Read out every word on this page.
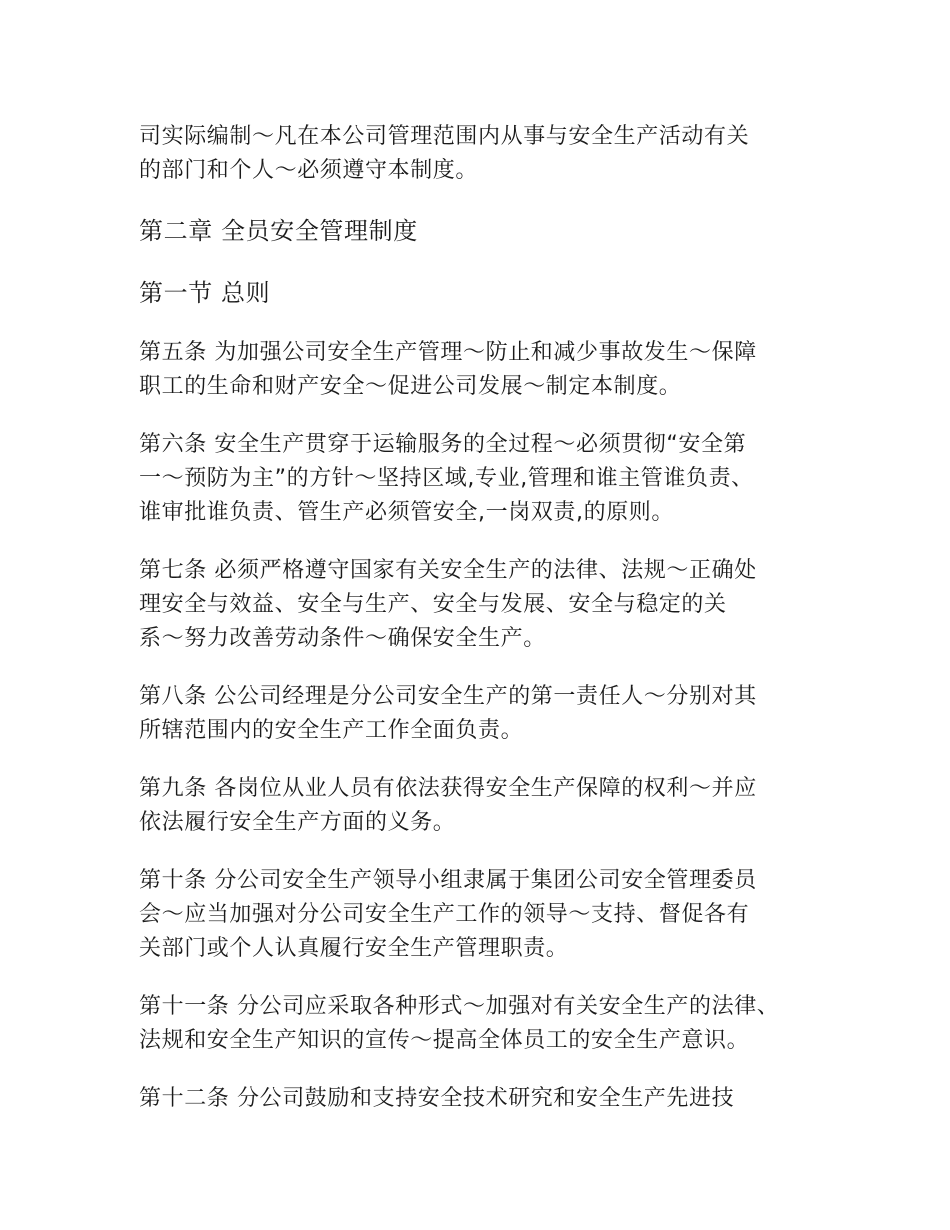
司实际编制～凡在本公司管理范围内从事与安全生产活动有关
的部门和个人～必须遵守本制度。

第二章 全员安全管理制度
第一节 总则

第五条 为加强公司安全生产管理～防止和减少事故发生～保障
职工的生命和财产安全～促进公司发展～制定本制度。

第六条 安全生产贯穿于运输服务的全过程～必须贯彻“安全第
一～预防为主”的方针～坚持区域,专业,管理和谁主管谁负责、
谁审批谁负责、管生产必须管安全,一岗双责,的原则。

第七条 必须严格遵守国家有关安全生产的法律、法规～正确处
理安全与效益、安全与生产、安全与发展、安全与稳定的关
系～努力改善劳动条件～确保安全生产。

第八条 公公司经理是分公司安全生产的第一责任人～分别对其
所辖范围内的安全生产工作全面负责。

第九条 各岗位从业人员有依法获得安全生产保障的权利～并应
依法履行安全生产方面的义务。

第十条 分公司安全生产领导小组隶属于集团公司安全管理委员
会～应当加强对分公司安全生产工作的领导～支持、督促各有
关部门或个人认真履行安全生产管理职责。

第十一条 分公司应采取各种形式～加强对有关安全生产的法律、
法规和安全生产知识的宣传～提高全体员工的安全生产意识。

第十二条 分公司鼓励和支持安全技术研究和安全生产先进技
